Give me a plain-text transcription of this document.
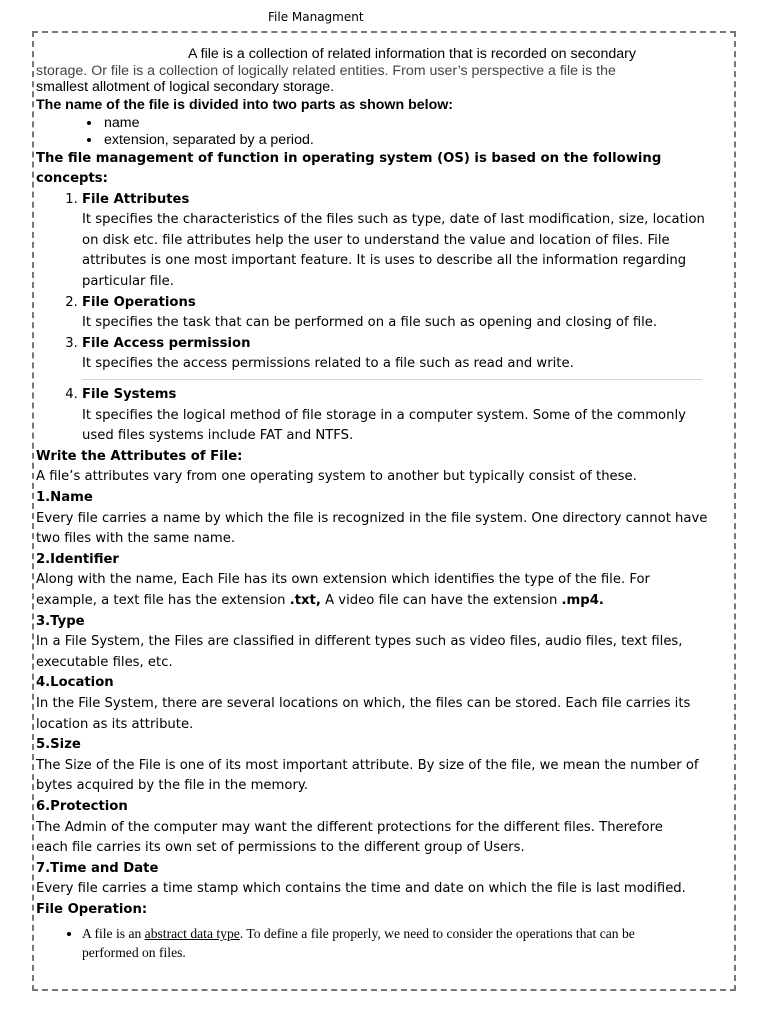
File Managment
A file is a collection of related information that is recorded on secondary
storage. Or file is a collection of logically related entities. From user’s perspective a file is the
smallest allotment of logical secondary storage.
The name of the file is divided into two parts as shown below:
• name
• extension, separated by a period.
The file management of function in operating system (OS) is based on the following
concepts:
1. File Attributes
It specifies the characteristics of the files such as type, date of last modification, size, location
on disk etc. file attributes help the user to understand the value and location of files. File
attributes is one most important feature. It is uses to describe all the information regarding
particular file.
2. File Operations
It specifies the task that can be performed on a file such as opening and closing of file.
3. File Access permission
It specifies the access permissions related to a file such as read and write.
4. File Systems
It specifies the logical method of file storage in a computer system. Some of the commonly
used files systems include FAT and NTFS.
Write the Attributes of File:
A file’s attributes vary from one operating system to another but typically consist of these.
1.Name
Every file carries a name by which the file is recognized in the file system. One directory cannot have
two files with the same name.
2.Identifier
Along with the name, Each File has its own extension which identifies the type of the file. For
example, a text file has the extension .txt, A video file can have the extension .mp4.
3.Type
In a File System, the Files are classified in different types such as video files, audio files, text files,
executable files, etc.
4.Location
In the File System, there are several locations on which, the files can be stored. Each file carries its
location as its attribute.
5.Size
The Size of the File is one of its most important attribute. By size of the file, we mean the number of
bytes acquired by the file in the memory.
6.Protection
The Admin of the computer may want the different protections for the different files. Therefore
each file carries its own set of permissions to the different group of Users.
7.Time and Date
Every file carries a time stamp which contains the time and date on which the file is last modified.
File Operation:
• A file is an abstract data type. To define a file properly, we need to consider the operations that can be
performed on files.
